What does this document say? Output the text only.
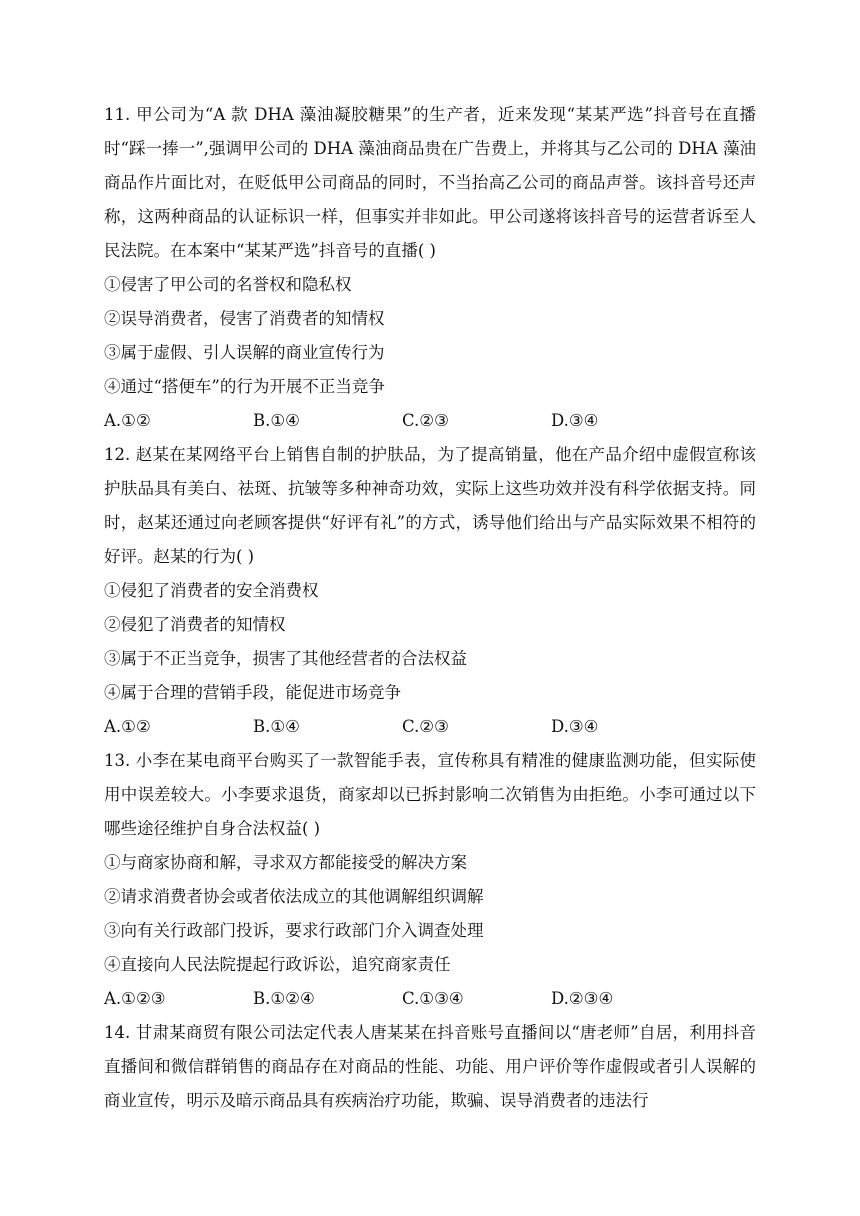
11. 甲公司为“A 款 DHA 藻油凝胶糖果”的生产者，近来发现“某某严选”抖音号在直播时“踩一捧一”,强调甲公司的 DHA 藻油商品贵在广告费上，并将其与乙公司的 DHA 藻油商品作片面比对，在贬低甲公司商品的同时，不当抬高乙公司的商品声誉。该抖音号还声称，这两种商品的认证标识一样，但事实并非如此。甲公司遂将该抖音号的运营者诉至人民法院。在本案中“某某严选”抖音号的直播( )

①侵害了甲公司的名誉权和隐私权

②误导消费者，侵害了消费者的知情权

③属于虚假、引人误解的商业宣传行为

④通过“搭便车”的行为开展不正当竞争

A.①②	B.①④	C.②③	D.③④

12. 赵某在某网络平台上销售自制的护肤品，为了提高销量，他在产品介绍中虚假宣称该护肤品具有美白、祛斑、抗皱等多种神奇功效，实际上这些功效并没有科学依据支持。同时，赵某还通过向老顾客提供“好评有礼”的方式，诱导他们给出与产品实际效果不相符的好评。赵某的行为( )

①侵犯了消费者的安全消费权

②侵犯了消费者的知情权

③属于不正当竞争，损害了其他经营者的合法权益

④属于合理的营销手段，能促进市场竞争

A.①②	B.①④	C.②③	D.③④

13. 小李在某电商平台购买了一款智能手表，宣传称具有精准的健康监测功能，但实际使用中误差较大。小李要求退货，商家却以已拆封影响二次销售为由拒绝。小李可通过以下哪些途径维护自身合法权益( )

①与商家协商和解，寻求双方都能接受的解决方案

②请求消费者协会或者依法成立的其他调解组织调解

③向有关行政部门投诉，要求行政部门介入调查处理

④直接向人民法院提起行政诉讼，追究商家责任

A.①②③	B.①②④	C.①③④	D.②③④

14. 甘肃某商贸有限公司法定代表人唐某某在抖音账号直播间以“唐老师”自居，利用抖音直播间和微信群销售的商品存在对商品的性能、功能、用户评价等作虚假或者引人误解的商业宣传，明示及暗示商品具有疾病治疗功能，欺骗、误导消费者的违法行
